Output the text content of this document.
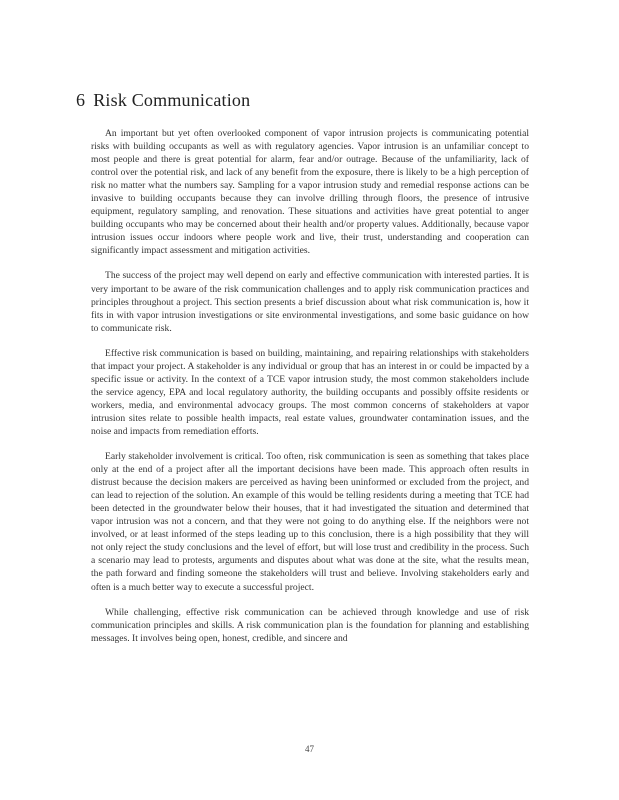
6 Risk Communication

An important but yet often overlooked component of vapor intrusion projects is communicating potential risks with building occupants as well as with regulatory agencies. Vapor intrusion is an unfamiliar concept to most people and there is great potential for alarm, fear and/or outrage. Because of the unfamiliarity, lack of control over the potential risk, and lack of any benefit from the exposure, there is likely to be a high perception of risk no matter what the numbers say. Sampling for a vapor intrusion study and remedial response actions can be invasive to building occupants because they can involve drilling through floors, the presence of intrusive equipment, regulatory sampling, and renovation. These situations and activities have great potential to anger building occupants who may be concerned about their health and/or property values. Additionally, because vapor intrusion issues occur indoors where people work and live, their trust, understanding and cooperation can significantly impact assessment and mitigation activities.

The success of the project may well depend on early and effective communication with interested parties. It is very important to be aware of the risk communication challenges and to apply risk communication practices and principles throughout a project. This section presents a brief discussion about what risk communication is, how it fits in with vapor intrusion investigations or site environmental investigations, and some basic guidance on how to communicate risk.

Effective risk communication is based on building, maintaining, and repairing relationships with stakeholders that impact your project. A stakeholder is any individual or group that has an interest in or could be impacted by a specific issue or activity. In the context of a TCE vapor intrusion study, the most common stakeholders include the service agency, EPA and local regulatory authority, the building occupants and possibly offsite residents or workers, media, and environmental advocacy groups. The most common concerns of stakeholders at vapor intrusion sites relate to possible health impacts, real estate values, groundwater contamination issues, and the noise and impacts from remediation efforts.

Early stakeholder involvement is critical. Too often, risk communication is seen as something that takes place only at the end of a project after all the important decisions have been made. This approach often results in distrust because the decision makers are perceived as having been uninformed or excluded from the project, and can lead to rejection of the solution. An example of this would be telling residents during a meeting that TCE had been detected in the groundwater below their houses, that it had investigated the situation and determined that vapor intrusion was not a concern, and that they were not going to do anything else. If the neighbors were not involved, or at least informed of the steps leading up to this conclusion, there is a high possibility that they will not only reject the study conclusions and the level of effort, but will lose trust and credibility in the process. Such a scenario may lead to protests, arguments and disputes about what was done at the site, what the results mean, the path forward and finding someone the stakeholders will trust and believe. Involving stakeholders early and often is a much better way to execute a successful project.

While challenging, effective risk communication can be achieved through knowledge and use of risk communication principles and skills. A risk communication plan is the foundation for planning and establishing messages. It involves being open, honest, credible, and sincere and

47
